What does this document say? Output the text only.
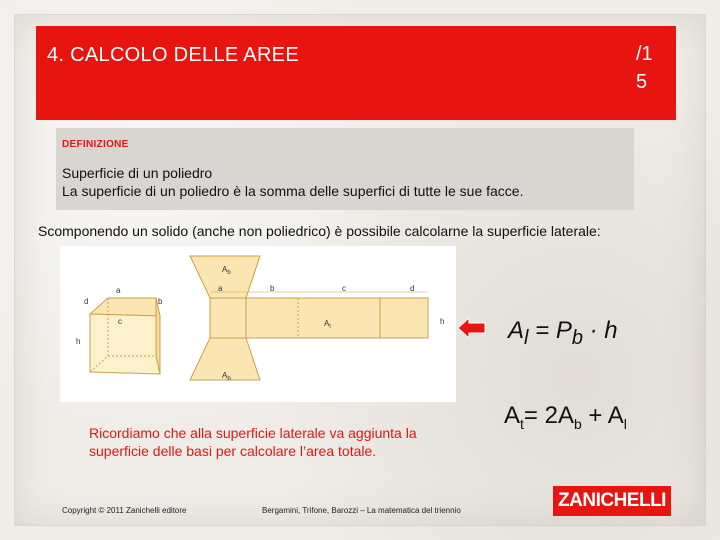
4. CALCOLO DELLE AREE	/1 5
DEFINIZIONE
Superficie di un poliedro
La superficie di un poliedro è la somma delle superfici di tutte le sue facce.
Scomponendo un solido (anche non poliedrico) è possibile calcolarne la superficie laterale:
$A_b$
$A_b$
a	b	c	d
h
$A_l$
d
a
b
c
h	$A_l = P_b \cdot h$
$A_t= 2A_b + A_l$
Ricordiamo che alla superficie laterale va aggiunta la superficie delle basi per calcolare l’area totale.
Copyright © 2011 Zanichelli editore	Bergamini, Trifone, Barozzi – La matematica del triennio	ZANICHELLI
